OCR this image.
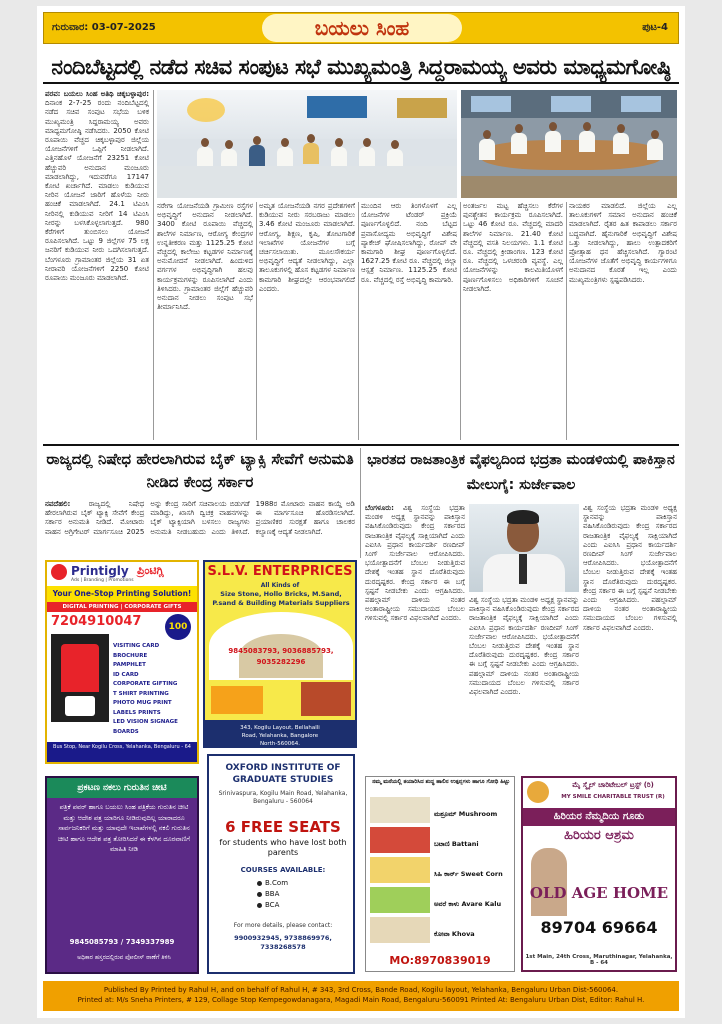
ಗುರುವಾರ: 03-07-2025	ಬಯಲು ಸಿಂಹ	ಪುಟ-4
ನಂದಿಬೆಟ್ಟದಲ್ಲಿ ನಡೆದ ಸಚಿವ ಸಂಪುಟ ಸಭೆ ಮುಖ್ಯಮಂತ್ರಿ ಸಿದ್ದರಾಮಯ್ಯ ಅವರು ಮಾಧ್ಯಮಗೋಷ್ಠಿ
ಪರವ: ಬಯಲು ಸಿಂಹ ಅತಿಥಿ ಚಿಕ್ಕಬಳ್ಳಾಪುರ: ದಿನಾಂಕ 2-7-25 ರಂದು ನಂದಿಬೆಟ್ಟದಲ್ಲಿ ನಡೆದ ಸಚಿವ ಸಂಪುಟ ಸಭೆಯ ಬಳಿಕ ಮುಖ್ಯಮಂತ್ರಿ ಸಿದ್ದರಾಮಯ್ಯ ಅವರು ಮಾಧ್ಯಮಗೋಷ್ಠಿ ನಡೆಸಿದರು. 2050 ಕೋಟಿ ರೂಪಾಯಿ ವೆಚ್ಚದ ಚಿಕ್ಕಬಳ್ಳಾಪುರ ಜಿಲ್ಲೆಯ ಯೋಜನೆಗಳಿಗೆ ಒಪ್ಪಿಗೆ ನೀಡಲಾಗಿದೆ. ಎತ್ತಿನಹೊಳೆ ಯೋಜನೆಗೆ 23251 ಕೋಟಿ ಹೆಚ್ಚುವರಿ ಅನುದಾನ ಮಂಜೂರು ಮಾಡಲಾಗಿದ್ದು, ಇದುವರೆಗೂ 17147 ಕೋಟಿ ಖರ್ಚಾಗಿದೆ. ಮಾಡಲು ಕುಡಿಯುವ ನೀರಿನ ಯೋಜನೆ ಜಾರಿಗೆ ಹೊಳೆಯ ನೀರು ಹಂಚಿಕೆ ಮಾಡಲಾಗಿದೆ. 24.1 ಟಿಎಂಸಿ ನೀರಿನಲ್ಲಿ ಕುಡಿಯುವ ನೀರಿಗೆ 14 ಟಿಎಂಸಿ ನೀರನ್ನು ಬಳಸಿಕೊಳ್ಳಲಾಗುತ್ತದೆ. 980 ಕೆರೆಗಳಿಗೆ ತುಂಬಿಸಲು ಯೋಜನೆ ರೂಪಿಸಲಾಗಿದೆ. ಒಟ್ಟು 9 ಜಿಲ್ಲೆಗಳ 75 ಲಕ್ಷ ಜನರಿಗೆ ಕುಡಿಯುವ ನೀರು ಒದಗಿಸಲಾಗುತ್ತದೆ. ಬೆಂಗಳೂರು ಗ್ರಾಮಾಂತರ ಜಿಲ್ಲೆಯ 31 ಏತ ನೀರಾವರಿ ಯೋಜನೆಗಳಿಗೆ 2250 ಕೋಟಿ ರೂಪಾಯಿ ಮಂಜೂರು ಮಾಡಲಾಗಿದೆ.
ನರೇಗಾ ಯೋಜನೆಯಡಿ ಗ್ರಾಮೀಣ ರಸ್ತೆಗಳ ಅಭಿವೃದ್ಧಿಗೆ ಅನುದಾನ ನೀಡಲಾಗಿದೆ. 3400 ಕೋಟಿ ರೂಪಾಯಿ ವೆಚ್ಚದಲ್ಲಿ ಶಾಲೆಗಳ ನಿರ್ಮಾಣ, ಆರೋಗ್ಯ ಕೇಂದ್ರಗಳ ಉನ್ನತೀಕರಣ ಮತ್ತು 1125.25 ಕೋಟಿ ವೆಚ್ಚದಲ್ಲಿ ಕಾಲೇಜು ಕಟ್ಟಡಗಳ ನಿರ್ಮಾಣಕ್ಕೆ ಅನುಮೋದನೆ ನೀಡಲಾಗಿದೆ. ಹಿಂದುಳಿದ ವರ್ಗಗಳ ಅಭಿವೃದ್ಧಿಗಾಗಿ ಹಲವು ಕಾರ್ಯಕ್ರಮಗಳನ್ನು ರೂಪಿಸಲಾಗಿದೆ ಎಂದು ತಿಳಿಸಿದರು. ಗ್ರಾಮಾಂತರ ಜಿಲ್ಲೆಗೆ ಹೆಚ್ಚುವರಿ ಅನುದಾನ ನೀಡಲು ಸಂಪುಟ ಸಭೆ ತೀರ್ಮಾನಿಸಿದೆ.
ಅಮೃತ ಯೋಜನೆಯಡಿ ನಗರ ಪ್ರದೇಶಗಳಿಗೆ ಕುಡಿಯುವ ನೀರು ಸರಬರಾಜು ಮಾಡಲು 3.46 ಕೋಟಿ ಮಂಜೂರು ಮಾಡಲಾಗಿದೆ. ಆರೋಗ್ಯ, ಶಿಕ್ಷಣ, ಕೃಷಿ, ತೋಟಗಾರಿಕೆ ಇಲಾಖೆಗಳ ಯೋಜನೆಗಳ ಬಗ್ಗೆ ಚರ್ಚಿಸಲಾಯಿತು. ಮೂಲಸೌಕರ್ಯ ಅಭಿವೃದ್ಧಿಗೆ ಆದ್ಯತೆ ನೀಡಲಾಗಿದ್ದು, ಎಲ್ಲಾ ತಾಲೂಕುಗಳಲ್ಲಿ ಹೊಸ ಕಟ್ಟಡಗಳ ನಿರ್ಮಾಣ ಕಾಮಗಾರಿ ಶೀಘ್ರದಲ್ಲೇ ಆರಂಭವಾಗಲಿದೆ ಎಂದರು.
ಮುಂದಿನ ಆರು ತಿಂಗಳೊಳಗೆ ಎಲ್ಲ ಯೋಜನೆಗಳ ಟೆಂಡರ್ ಪ್ರಕ್ರಿಯೆ ಪೂರ್ಣಗೊಳ್ಳಲಿದೆ. ನಂದಿ ಬೆಟ್ಟದ ಪ್ರವಾಸೋದ್ಯಮ ಅಭಿವೃದ್ಧಿಗೆ ವಿಶೇಷ ಪ್ಯಾಕೇಜ್ ಘೋಷಿಸಲಾಗಿದ್ದು, ರೋಪ್ ವೇ ಕಾಮಗಾರಿ ಶೀಘ್ರ ಪೂರ್ಣಗೊಳ್ಳಲಿದೆ. 1627.25 ಕೋಟಿ ರೂ. ವೆಚ್ಚದಲ್ಲಿ ಜಿಲ್ಲಾ ಆಸ್ಪತ್ರೆ ನಿರ್ಮಾಣ. 1125.25 ಕೋಟಿ ರೂ. ವೆಚ್ಚದಲ್ಲಿ ರಸ್ತೆ ಅಭಿವೃದ್ಧಿ ಕಾಮಗಾರಿ.
ಅಂತರ್ಜಲ ಮಟ್ಟ ಹೆಚ್ಚಿಸಲು ಕೆರೆಗಳ ಪುನಶ್ಚೇತನ ಕಾರ್ಯಕ್ರಮ ರೂಪಿಸಲಾಗಿದೆ. ಒಟ್ಟು 46 ಕೋಟಿ ರೂ. ವೆಚ್ಚದಲ್ಲಿ ಮಾದರಿ ಶಾಲೆಗಳ ನಿರ್ಮಾಣ. 21.40 ಕೋಟಿ ವೆಚ್ಚದಲ್ಲಿ ವಸತಿ ನಿಲಯಗಳು. 1.1 ಕೋಟಿ ರೂ. ವೆಚ್ಚದಲ್ಲಿ ಕ್ರೀಡಾಂಗಣ. 123 ಕೋಟಿ ರೂ. ವೆಚ್ಚದಲ್ಲಿ ಒಳಚರಂಡಿ ವ್ಯವಸ್ಥೆ. ಎಲ್ಲ ಯೋಜನೆಗಳನ್ನು ಕಾಲಮಿತಿಯೊಳಗೆ ಪೂರ್ಣಗೊಳಿಸಲು ಅಧಿಕಾರಿಗಳಿಗೆ ಸೂಚನೆ ನೀಡಲಾಗಿದೆ.
ನಾಯಕರ ಮಾಡಲಿದೆ. ಜಿಲ್ಲೆಯ ಎಲ್ಲ ತಾಲೂಕುಗಳಿಗೆ ಸಮಾನ ಅನುದಾನ ಹಂಚಿಕೆ ಮಾಡಲಾಗಿದೆ. ರೈತರ ಹಿತ ಕಾಪಾಡಲು ಸರ್ಕಾರ ಬದ್ಧವಾಗಿದೆ. ಹೈನುಗಾರಿಕೆ ಅಭಿವೃದ್ಧಿಗೆ ವಿಶೇಷ ಒತ್ತು ನೀಡಲಾಗಿದ್ದು, ಹಾಲು ಉತ್ಪಾದಕರಿಗೆ ಪ್ರೋತ್ಸಾಹ ಧನ ಹೆಚ್ಚಿಸಲಾಗಿದೆ. ಗ್ಯಾರಂಟಿ ಯೋಜನೆಗಳ ಜೊತೆಗೆ ಅಭಿವೃದ್ಧಿ ಕಾರ್ಯಗಳಿಗೂ ಅನುದಾನದ ಕೊರತೆ ಇಲ್ಲ ಎಂದು ಮುಖ್ಯಮಂತ್ರಿಗಳು ಸ್ಪಷ್ಟಪಡಿಸಿದರು.
ರಾಜ್ಯದಲ್ಲಿ ನಿಷೇಧ ಹೇರಲಾಗಿರುವ ಬೈಕ್ ಟ್ಯಾಕ್ಸಿ ಸೇವೆಗೆ ಅನುಮತಿ ನೀಡಿದ ಕೇಂದ್ರ ಸರ್ಕಾರ
ನವದೆಹಲಿ:	ರಾಜ್ಯದಲ್ಲಿ ನಿಷೇಧ ಹೇರಲಾಗಿರುವ ಬೈಕ್ ಟ್ಯಾಕ್ಸಿ ಸೇವೆಗೆ ಕೇಂದ್ರ ಸರ್ಕಾರ ಅನುಮತಿ ನೀಡಿದೆ. ಮೋಟಾರು ವಾಹನ ಅಗ್ರಿಗೇಟರ್ ಮಾರ್ಗಸೂಚಿ 2025 ಅನ್ನು ಕೇಂದ್ರ ಸಾರಿಗೆ ಸಚಿವಾಲಯ ಬಿಡುಗಡೆ ಮಾಡಿದ್ದು, ಖಾಸಗಿ ದ್ವಿಚಕ್ರ ವಾಹನಗಳನ್ನು ಬೈಕ್ ಟ್ಯಾಕ್ಸಿಯಾಗಿ ಬಳಸಲು ರಾಜ್ಯಗಳು ಅನುಮತಿ ನೀಡಬಹುದು ಎಂದು ತಿಳಿಸಿದೆ. 1988ರ ಮೋಟಾರು ವಾಹನ ಕಾಯ್ದೆ ಅಡಿ ಈ ಮಾರ್ಗಸೂಚಿ ಹೊರಡಿಸಲಾಗಿದೆ. ಪ್ರಯಾಣಿಕರ ಸುರಕ್ಷತೆ ಹಾಗೂ ಚಾಲಕರ ಕಲ್ಯಾಣಕ್ಕೆ ಆದ್ಯತೆ ನೀಡಲಾಗಿದೆ.
ಭಾರತದ ರಾಜತಾಂತ್ರಿಕ ವೈಫಲ್ಯದಿಂದ ಭದ್ರತಾ ಮಂಡಳಿಯಲ್ಲಿ ಪಾಕಿಸ್ತಾನ ಮೇಲುಗೈ: ಸುರ್ಜೇವಾಲ
ಬೆಂಗಳೂರು: ವಿಶ್ವ ಸಂಸ್ಥೆಯ ಭದ್ರತಾ ಮಂಡಳಿ ಅಧ್ಯಕ್ಷ ಸ್ಥಾನವನ್ನು ಪಾಕಿಸ್ತಾನ ವಹಿಸಿಕೊಂಡಿರುವುದು ಕೇಂದ್ರ ಸರ್ಕಾರದ ರಾಜತಾಂತ್ರಿಕ ವೈಫಲ್ಯಕ್ಕೆ ಸಾಕ್ಷಿಯಾಗಿದೆ ಎಂದು ಎಐಸಿಸಿ ಪ್ರಧಾನ ಕಾರ್ಯದರ್ಶಿ ರಣದೀಪ್ ಸಿಂಗ್ ಸುರ್ಜೇವಾಲ ಆರೋಪಿಸಿದರು. ಭಯೋತ್ಪಾದನೆಗೆ ಬೆಂಬಲ ನೀಡುತ್ತಿರುವ ದೇಶಕ್ಕೆ ಇಂತಹ ಸ್ಥಾನ ದೊರೆತಿರುವುದು ದುರದೃಷ್ಟಕರ. ಕೇಂದ್ರ ಸರ್ಕಾರ ಈ ಬಗ್ಗೆ ಸ್ಪಷ್ಟನೆ ನೀಡಬೇಕು ಎಂದು ಆಗ್ರಹಿಸಿದರು. ಪಹಲ್ಗಾಮ್ ದಾಳಿಯ ನಂತರ ಅಂತಾರಾಷ್ಟ್ರೀಯ ಸಮುದಾಯದ ಬೆಂಬಲ ಗಳಿಸುವಲ್ಲಿ ಸರ್ಕಾರ ವಿಫಲವಾಗಿದೆ ಎಂದರು.
ವಿಶ್ವ ಸಂಸ್ಥೆಯ ಭದ್ರತಾ ಮಂಡಳಿ ಅಧ್ಯಕ್ಷ ಸ್ಥಾನವನ್ನು ಪಾಕಿಸ್ತಾನ ವಹಿಸಿಕೊಂಡಿರುವುದು ಕೇಂದ್ರ ಸರ್ಕಾರದ ರಾಜತಾಂತ್ರಿಕ ವೈಫಲ್ಯಕ್ಕೆ ಸಾಕ್ಷಿಯಾಗಿದೆ ಎಂದು ಎಐಸಿಸಿ ಪ್ರಧಾನ ಕಾರ್ಯದರ್ಶಿ ರಣದೀಪ್ ಸಿಂಗ್ ಸುರ್ಜೇವಾಲ ಆರೋಪಿಸಿದರು. ಭಯೋತ್ಪಾದನೆಗೆ ಬೆಂಬಲ ನೀಡುತ್ತಿರುವ ದೇಶಕ್ಕೆ ಇಂತಹ ಸ್ಥಾನ ದೊರೆತಿರುವುದು ದುರದೃಷ್ಟಕರ. ಕೇಂದ್ರ ಸರ್ಕಾರ ಈ ಬಗ್ಗೆ ಸ್ಪಷ್ಟನೆ ನೀಡಬೇಕು ಎಂದು ಆಗ್ರಹಿಸಿದರು. ಪಹಲ್ಗಾಮ್ ದಾಳಿಯ ನಂತರ ಅಂತಾರಾಷ್ಟ್ರೀಯ ಸಮುದಾಯದ ಬೆಂಬಲ ಗಳಿಸುವಲ್ಲಿ ಸರ್ಕಾರ ವಿಫಲವಾಗಿದೆ ಎಂದರು.
ವಿಶ್ವ ಸಂಸ್ಥೆಯ ಭದ್ರತಾ ಮಂಡಳಿ ಅಧ್ಯಕ್ಷ ಸ್ಥಾನವನ್ನು ಪಾಕಿಸ್ತಾನ ವಹಿಸಿಕೊಂಡಿರುವುದು ಕೇಂದ್ರ ಸರ್ಕಾರದ ರಾಜತಾಂತ್ರಿಕ ವೈಫಲ್ಯಕ್ಕೆ ಸಾಕ್ಷಿಯಾಗಿದೆ ಎಂದು ಎಐಸಿಸಿ ಪ್ರಧಾನ ಕಾರ್ಯದರ್ಶಿ ರಣದೀಪ್ ಸಿಂಗ್ ಸುರ್ಜೇವಾಲ ಆರೋಪಿಸಿದರು. ಭಯೋತ್ಪಾದನೆಗೆ ಬೆಂಬಲ ನೀಡುತ್ತಿರುವ ದೇಶಕ್ಕೆ ಇಂತಹ ಸ್ಥಾನ ದೊರೆತಿರುವುದು ದುರದೃಷ್ಟಕರ. ಕೇಂದ್ರ ಸರ್ಕಾರ ಈ ಬಗ್ಗೆ ಸ್ಪಷ್ಟನೆ ನೀಡಬೇಕು ಎಂದು ಆಗ್ರಹಿಸಿದರು. ಪಹಲ್ಗಾಮ್ ದಾಳಿಯ ನಂತರ ಅಂತಾರಾಷ್ಟ್ರೀಯ ಸಮುದಾಯದ ಬೆಂಬಲ ಗಳಿಸುವಲ್ಲಿ ಸರ್ಕಾರ ವಿಫಲವಾಗಿದೆ ಎಂದರು.
Printigly ಪ್ರಿಂಟಿಗ್ಲಿ
Ads | Branding | Promotions
Your One-Stop Printing Solution!
DIGITAL PRINTING | CORPORATE GIFTS
7204910047	100
VISITING CARD
BROCHURE
PAMPHLET
ID CARD
CORPORATE GIFTING
T SHIRT PRINTING
PHOTO MUG PRINT
LABELS PRINTS
LED VISION SIGNAGE BOARDS
Bus Stop, Near Kogilu Cross, Yelahanka, Bengaluru - 64
S.L.V. ENTERPRICES
All Kinds of
Size Stone, Hollo Bricks, M.Sand, P.sand & Building Materials Suppliers
9845083793, 9036885793, 9035282296
343, Kogilu Layout, Bellahalli Road, Yelahanka, Bangalore North-560064.
ಪ್ರಕಟಣ ನಕಲು ಗುರುತಿನ ಚೀಟಿ
ಪತ್ರಿಕೆ ಪವರ್ ಹಾಗೂ ಬಯಲು ಸಿಂಹ ಪತ್ರಿಕೆಯ ಗುರುತಿನ ಚೀಟಿ ಮತ್ತು ಆದೇಶ ಪತ್ರ ಯಾರಿಗೂ ನೀಡಿರುವುದಿಲ್ಲ ಯಾರಾದರೂ ಸಾರ್ವಜನಿಕರಿಗೆ ಮತ್ತು ಯಾವುದೇ ಇಲಾಖೆಗಳಲ್ಲಿ ನಕಲಿ ಗುರುತಿನ ಚೀಟಿ ಹಾಗೂ ಆದೇಶ ಪತ್ರ ತೋರಿಸಿದರೆ ಈ ಕೆಳಗಿನ ದೂರವಾಣಿಗೆ ಮಾಹಿತಿ ನೀಡಿ
9845085793 / 7349337989
ಅಧಿಕಾರ ಹಸ್ತರದಲ್ಲಿರುವ ಪೋಲೀಸ್ ಠಾಣೆಗೆ ತಿಳಿಸಿ
OXFORD INSTITUTE OF GRADUATE STUDIES
Srinivaspura, Kogilu Main Road, Yelahanka, Bengaluru - 560064
6 FREE SEATS
for students who have lost both parents
COURSES AVAILABLE:
B.Com
BBA
BCA
For more details, please contact:
9900932945, 9738869976, 7338268578
ನಮ್ಮ ಮನೆಯಲ್ಲಿ ತಯಾರಿಸಿದ ಶುದ್ಧ ಹಾಲಿನ ಉತ್ಪನ್ನಗಳು ಹಾಗೂ ಗೋಧಿ ಹಿಟ್ಟು
ಮಶ್ರೂಮ್ Mushroom
ಬಟಾಣಿ Battani
ಸಿಹಿ ಕಾರ್ನ್ Sweet Corn
ಅವರೆ ಕಾಳು Avare Kalu
ಕೋವಾ Khova
MO:8970839019
ಮೈ ಸ್ಮೈಲ್ ಚಾರಿಟೇಬಲ್ ಟ್ರಸ್ಟ್ (ರಿ)
MY SMILE CHARITABLE TRUST (R)
ಹಿರಿಯರ ನೆಮ್ಮದಿಯ ಗೂಡು
ಹಿರಿಯರ ಆಶ್ರಮ
OLD AGE HOME
89704 69664
1st Main, 24th Cross, Maruthinagar, Yelahanka, B - 64
Published By Printed by Rahul H, and on behalf of Rahul H, # 343, 3rd Cross, Bande Road, Kogilu layout, Yelahanka, Bengaluru Urban Dist-560064.
Printed at: M/s Sneha Printers, # 129, Collage Stop Kempegowdanagara, Magadi Main Road, Bengaluru-560091 Printed At: Bengaluru Urban Dist, Editor: Rahul H.
